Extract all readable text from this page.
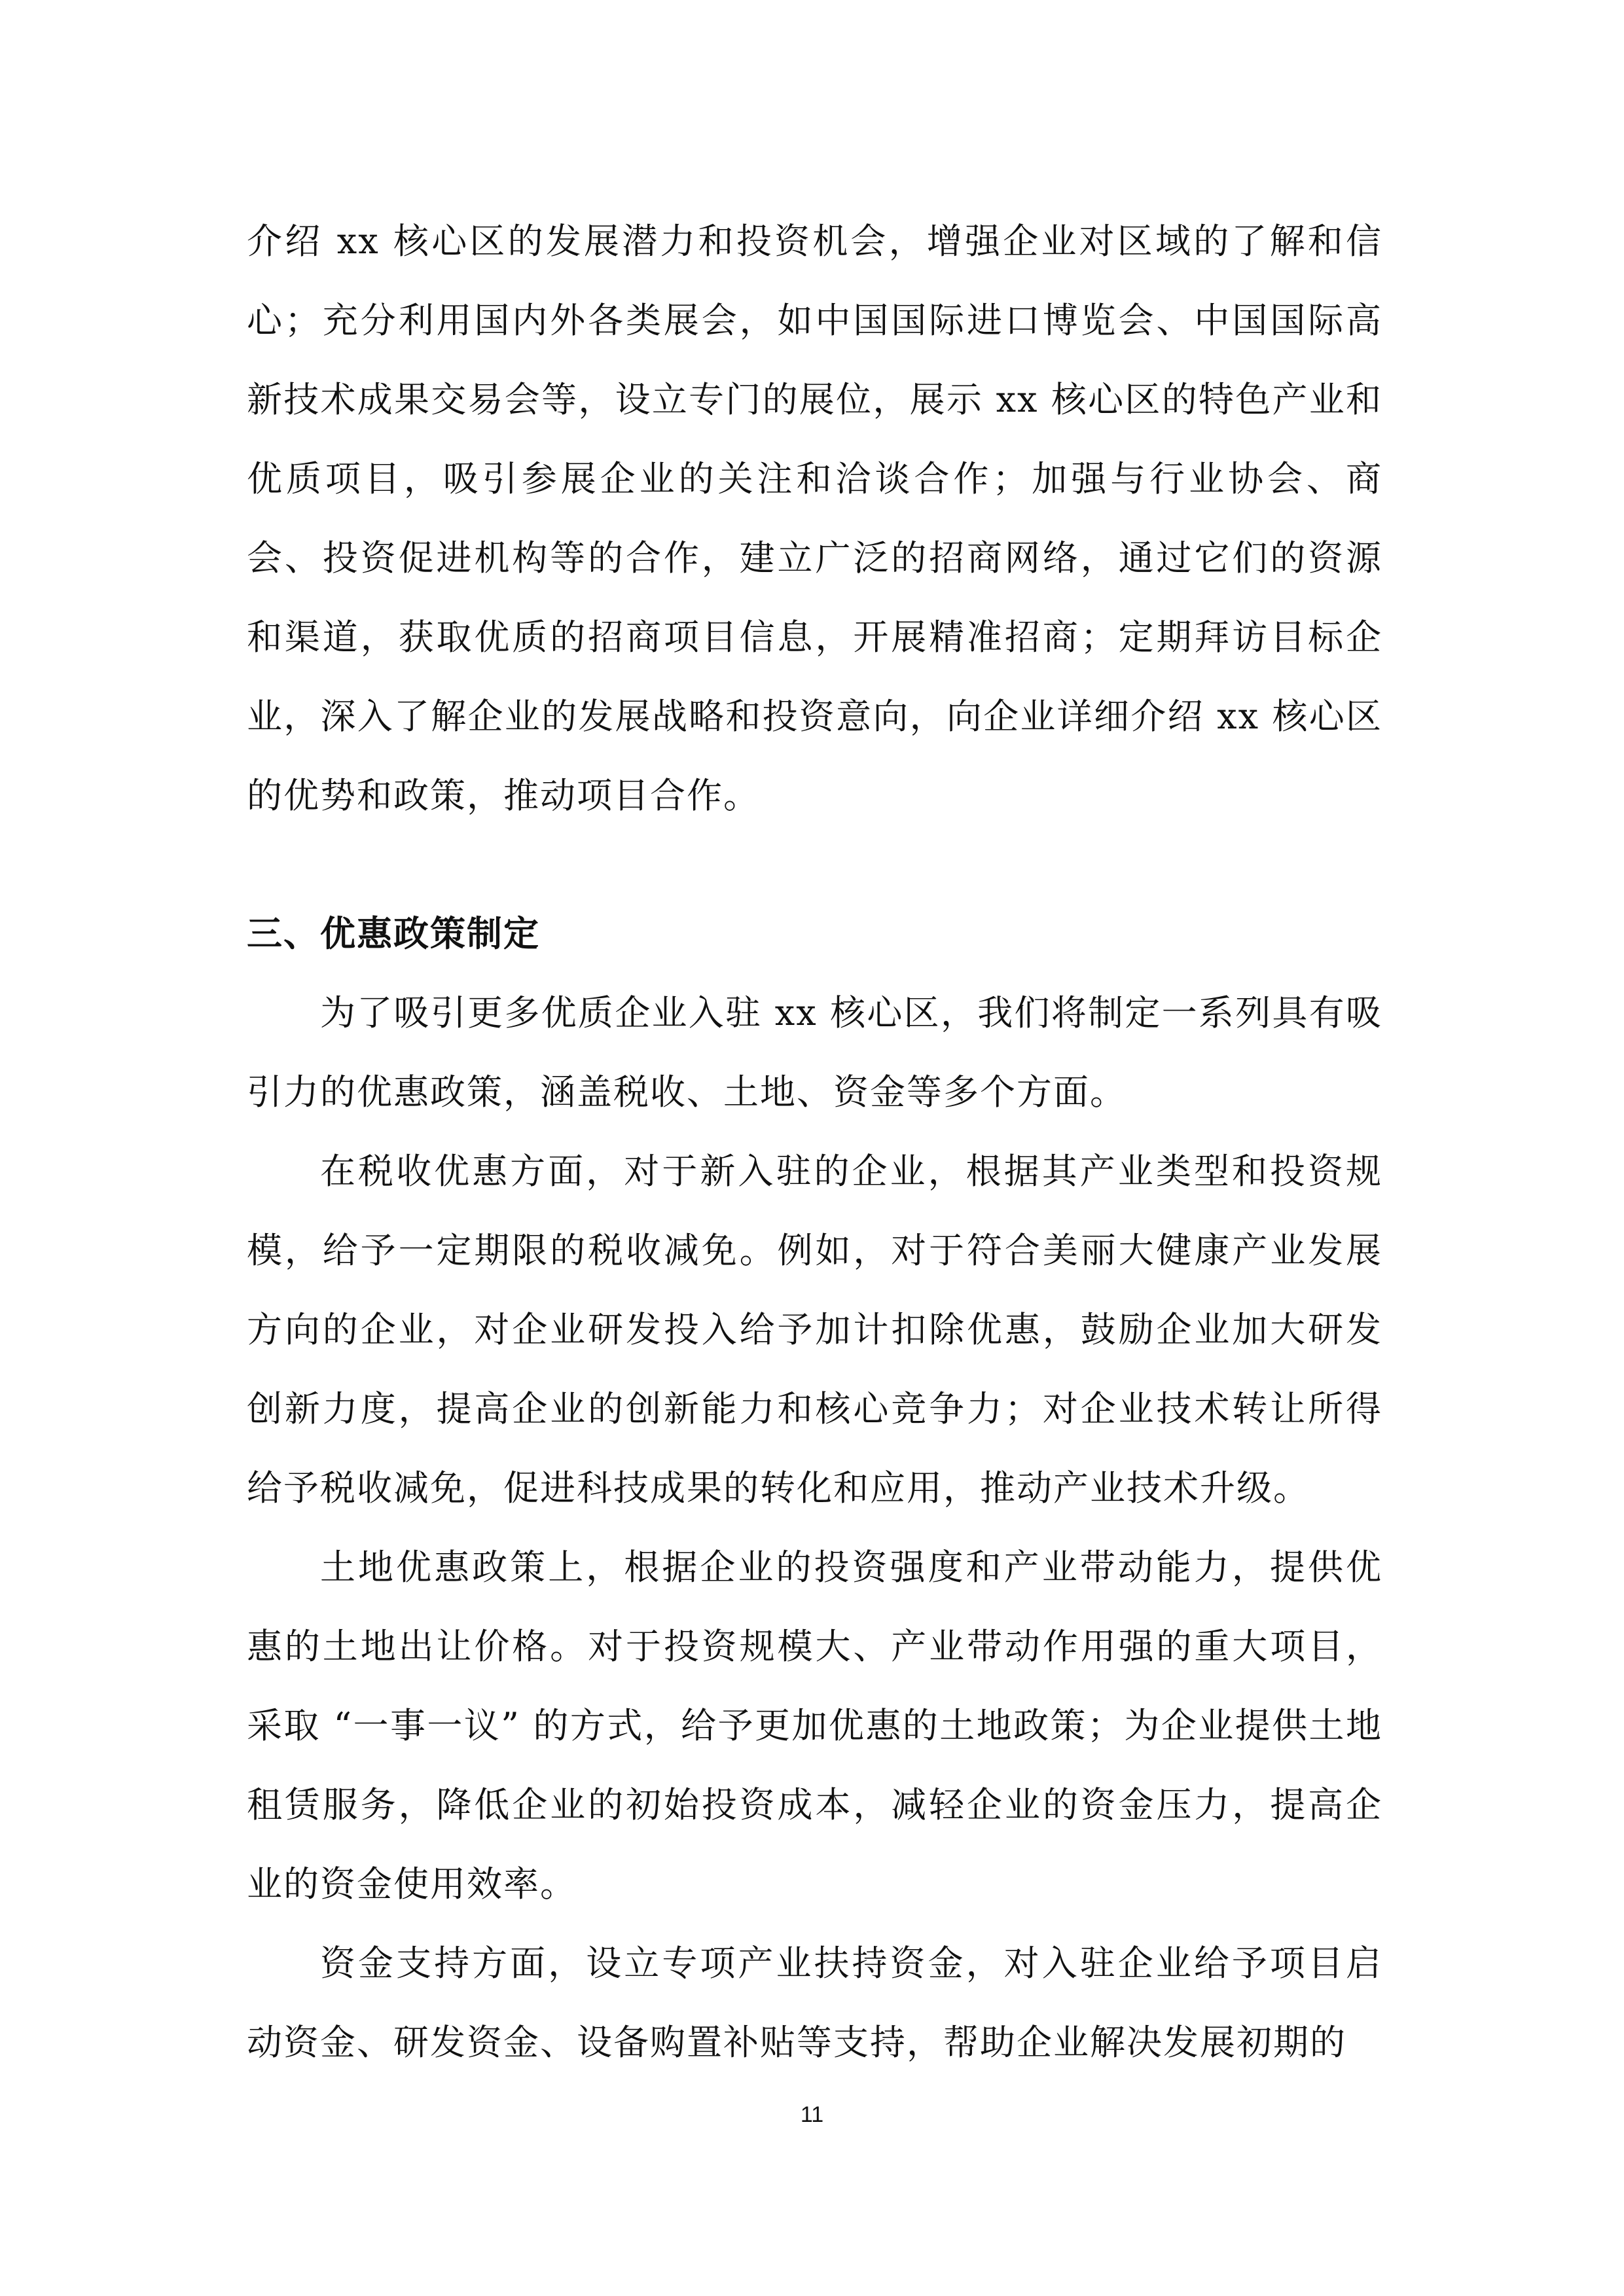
介绍 xx 核心区的发展潜力和投资机会，增强企业对区域的了解和信心；充分利用国内外各类展会，如中国国际进口博览会、中国国际高新技术成果交易会等，设立专门的展位，展示 xx 核心区的特色产业和优质项目，吸引参展企业的关注和洽谈合作；加强与行业协会、商会、投资促进机构等的合作，建立广泛的招商网络，通过它们的资源和渠道，获取优质的招商项目信息，开展精准招商；定期拜访目标企业，深入了解企业的发展战略和投资意向，向企业详细介绍 xx 核心区的优势和政策，推动项目合作。

三、优惠政策制定

为了吸引更多优质企业入驻 xx 核心区，我们将制定一系列具有吸引力的优惠政策，涵盖税收、土地、资金等多个方面。

在税收优惠方面，对于新入驻的企业，根据其产业类型和投资规模，给予一定期限的税收减免。例如，对于符合美丽大健康产业发展方向的企业，对企业研发投入给予加计扣除优惠，鼓励企业加大研发创新力度，提高企业的创新能力和核心竞争力；对企业技术转让所得给予税收减免，促进科技成果的转化和应用，推动产业技术升级。

土地优惠政策上，根据企业的投资强度和产业带动能力，提供优惠的土地出让价格。对于投资规模大、产业带动作用强的重大项目，采取 “一事一议” 的方式，给予更加优惠的土地政策；为企业提供土地租赁服务，降低企业的初始投资成本，减轻企业的资金压力，提高企业的资金使用效率。

资金支持方面，设立专项产业扶持资金，对入驻企业给予项目启动资金、研发资金、设备购置补贴等支持，帮助企业解决发展初期的

11
